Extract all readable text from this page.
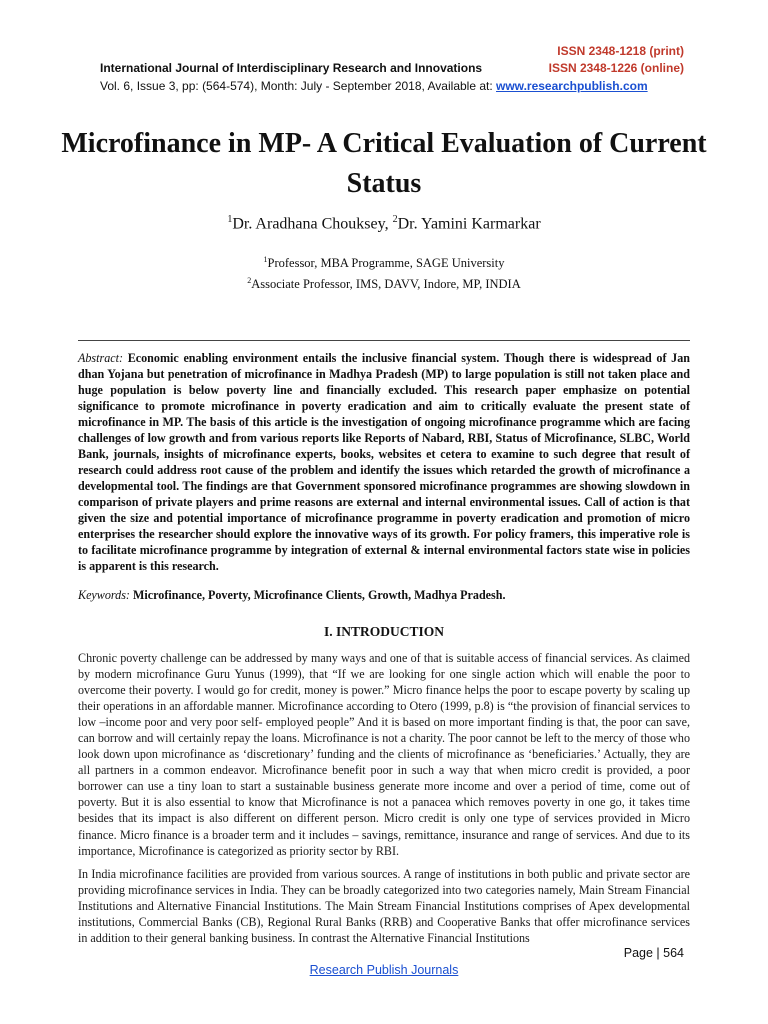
ISSN 2348-1218 (print)
International Journal of Interdisciplinary Research and Innovations	ISSN 2348-1226 (online)
Vol. 6, Issue 3, pp: (564-574), Month: July - September 2018, Available at: www.researchpublish.com
Microfinance in MP- A Critical Evaluation of Current Status
$^1$Dr. Aradhana Chouksey, $^2$Dr. Yamini Karmarkar
$^1$Professor, MBA Programme, SAGE University
$^2$Associate Professor, IMS, DAVV, Indore, MP, INDIA
Abstract: Economic enabling environment entails the inclusive financial system. Though there is widespread of Jan dhan Yojana but penetration of microfinance in Madhya Pradesh (MP) to large population is still not taken place and huge population is below poverty line and financially excluded. This research paper emphasize on potential significance to promote microfinance in poverty eradication and aim to critically evaluate the present state of microfinance in MP. The basis of this article is the investigation of ongoing microfinance programme which are facing challenges of low growth and from various reports like Reports of Nabard, RBI, Status of Microfinance, SLBC, World Bank, journals, insights of microfinance experts, books, websites et cetera to examine to such degree that result of research could address root cause of the problem and identify the issues which retarded the growth of microfinance a developmental tool. The findings are that Government sponsored microfinance programmes are showing slowdown in comparison of private players and prime reasons are external and internal environmental issues. Call of action is that given the size and potential importance of microfinance programme in poverty eradication and promotion of micro enterprises the researcher should explore the innovative ways of its growth. For policy framers, this imperative role is to facilitate microfinance programme by integration of external & internal environmental factors state wise in policies is apparent is this research.
Keywords: Microfinance, Poverty, Microfinance Clients, Growth, Madhya Pradesh.
I. INTRODUCTION
Chronic poverty challenge can be addressed by many ways and one of that is suitable access of financial services. As claimed by modern microfinance Guru Yunus (1999), that “If we are looking for one single action which will enable the poor to overcome their poverty. I would go for credit, money is power.” Micro finance helps the poor to escape poverty by scaling up their operations in an affordable manner. Microfinance according to Otero (1999, p.8) is “the provision of financial services to low –income poor and very poor self- employed people” And it is based on more important finding is that, the poor can save, can borrow and will certainly repay the loans. Microfinance is not a charity. The poor cannot be left to the mercy of those who look down upon microfinance as ‘discretionary’ funding and the clients of microfinance as ‘beneficiaries.’ Actually, they are all partners in a common endeavor. Microfinance benefit poor in such a way that when micro credit is provided, a poor borrower can use a tiny loan to start a sustainable business generate more income and over a period of time, come out of poverty. But it is also essential to know that Microfinance is not a panacea which removes poverty in one go, it takes time besides that its impact is also different on different person. Micro credit is only one type of services provided in Micro finance. Micro finance is a broader term and it includes – savings, remittance, insurance and range of services. And due to its importance, Microfinance is categorized as priority sector by RBI.
In India microfinance facilities are provided from various sources. A range of institutions in both public and private sector are providing microfinance services in India. They can be broadly categorized into two categories namely, Main Stream Financial Institutions and Alternative Financial Institutions. The Main Stream Financial Institutions comprises of Apex developmental institutions, Commercial Banks (CB), Regional Rural Banks (RRB) and Cooperative Banks that offer microfinance services in addition to their general banking business. In contrast the Alternative Financial Institutions
Page | 564
Research Publish Journals
